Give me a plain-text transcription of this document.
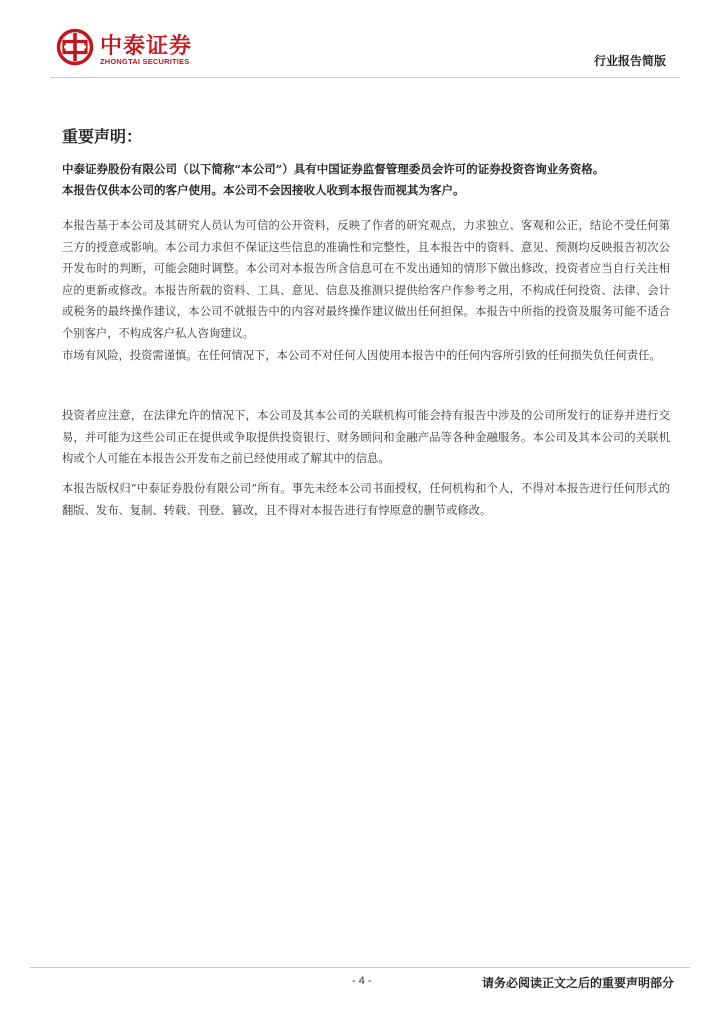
中泰证券
ZHONGTAI SECURITIES	行业报告简版
重要声明：

中泰证券股份有限公司（以下简称“本公司”）具有中国证券监督管理委员会许可的证券投资咨询业务资格。

本报告仅供本公司的客户使用。本公司不会因接收人收到本报告而视其为客户。

本报告基于本公司及其研究人员认为可信的公开资料，反映了作者的研究观点，力求独立、客观和公正，结论不受任何第三方的授意或影响。本公司力求但不保证这些信息的准确性和完整性，且本报告中的资料、意见、预测均反映报告初次公开发布时的判断，可能会随时调整。本公司对本报告所含信息可在不发出通知的情形下做出修改，投资者应当自行关注相应的更新或修改。本报告所载的资料、工具、意见、信息及推测只提供给客户作参考之用，不构成任何投资、法律、会计或税务的最终操作建议，本公司不就报告中的内容对最终操作建议做出任何担保。本报告中所指的投资及服务可能不适合个别客户，不构成客户私人咨询建议。

市场有风险，投资需谨慎。在任何情况下，本公司不对任何人因使用本报告中的任何内容所引致的任何损失负任何责任。

投资者应注意，在法律允许的情况下，本公司及其本公司的关联机构可能会持有报告中涉及的公司所发行的证券并进行交易，并可能为这些公司正在提供或争取提供投资银行、财务顾问和金融产品等各种金融服务。本公司及其本公司的关联机构或个人可能在本报告公开发布之前已经使用或了解其中的信息。

本报告版权归“中泰证券股份有限公司”所有。事先未经本公司书面授权，任何机构和个人，不得对本报告进行任何形式的翻版、发布、复制、转载、刊登、篡改，且不得对本报告进行有悖原意的删节或修改。

- 4 -	请务必阅读正文之后的重要声明部分
